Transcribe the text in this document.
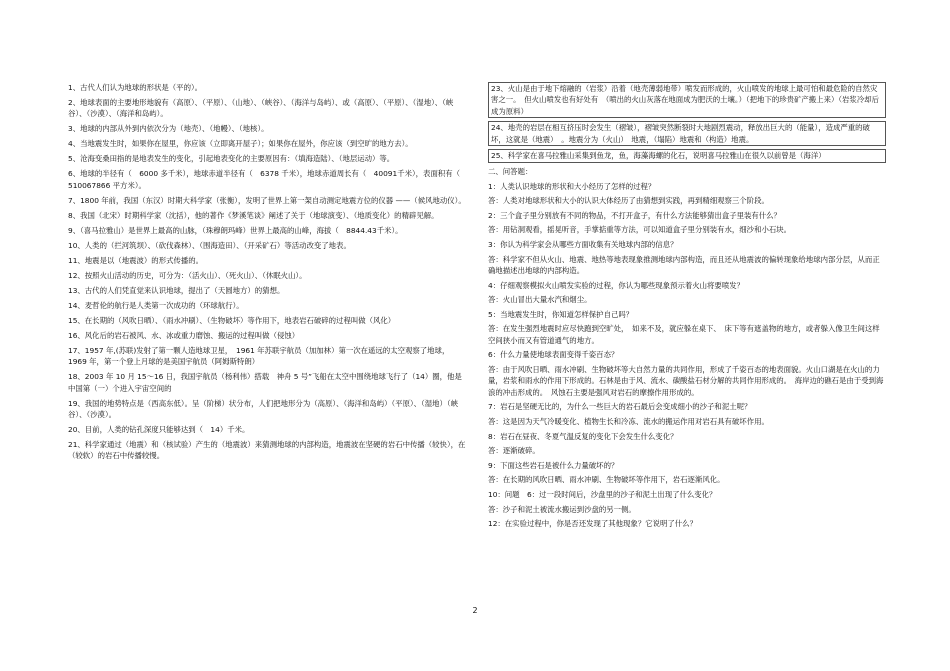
1、古代人们认为地球的形状是（平的）。

2、地球表面的主要地形地貌有（高原）、（平原）、（山地）、（峡谷）、（海洋与岛屿）、或（高原）、（平原）、（湿地）、（峡谷）、（沙漠）、（海洋和岛屿）。

3、地球的内部从外到内依次分为（地壳）、（地幔）、（地核）。

4、当地震发生时，如果你在屋里，你应该（立即离开屋子）；如果你在屋外，你应该（到空旷的地方去）。

5、沧海变桑田指的是地表发生的变化，引起地表变化的主要原因有：（填海造陆）、（地层运动）等。

6、地球的半径有（　6000 多千米），地球赤道半径有（　6378 千米），地球赤道周长有（　40091千米），表面积有（　510067866 平方米）。

7、1800 年前，我国（东汉）时期大科学家（张衡），发明了世界上第一架自动测定地震方位的仪器 ——（候风地动仪）。

8、我国（北宋）时期科学家（沈括），他的著作《梦溪笔谈》阐述了关于（地球演变）、（地质变化）的精辟见解。

9、（喜马拉雅山）是世界上最高的山脉，（珠穆朗玛峰）世界上最高的山峰，海拔（　8844.43千米）。

10、人类的（拦河筑坝）、（砍伐森林）、（围海造田）、（开采矿石）等活动改变了地表。

11、地震是以（地震波）的形式传播的。

12、按照火山活动的历史，可分为：（活火山）、（死火山）、（休眠火山）。

13、古代的人们凭直觉来认识地球，提出了（天圆地方）的猜想。

14、麦哲伦的航行是人类第一次成功的（环球航行）。

15、在长期的（风吹日晒）、（雨水冲刷）、（生物破坏）等作用下，地表岩石破碎的过程叫做（风化）

16、风化后的岩石被风、水、冰或重力磨蚀、搬运的过程叫做（侵蚀）

17、1957 年,(苏联)发射了第一颗人造地球卫星，　1961 年苏联宇航员（加加林）第一次在遥远的太空观察了地球，　1969 年，第一个登上月球的是美国宇航员（阿姆斯特朗）

18、2003 年 10 月 15～16 日，我国宇航员（杨利伟）搭载　神舟 5 号”飞船在太空中围绕地球飞行了（14）圈，他是中国第（一）个进入宇宙空间的

19、我国的地势特点是（西高东低）。呈（阶梯）状分布，人们把地形分为（高原）、（海洋和岛屿）（平原）、（湿地）（峡谷）、（沙漠）。

20、目前，人类的钻孔深度只能够达到（　14）千米。

21、科学家通过（地震）和（核试验）产生的（地震波）来猜测地球的内部构造，地震波在坚硬的岩石中传播（较快），在（较软）的岩石中传播较慢。

23、火山是由于地下熔融的（岩浆）沿着（地壳薄弱地带）喷发而形成的，火山喷发的地球上最可怕和最危险的自然灾害之一。　但火山喷发也有好处有　（喷出的火山灰落在地面成为肥沃的土壤。）（把地下的珍贵矿产搬上来）（岩浆冷却后成为原料）

24、地壳的岩层在相互挤压时会发生（褶皱），褶皱突然断裂时大地剧烈震动，释放出巨大的（能量），造成严重的破坏，这就是（地震）　。地震分为（火山）　地震，（塌陷）地震和（构造）地震。

25、科学家在喜马拉雅山采集到鱼龙，鱼，海藻海螺的化石，说明喜马拉雅山在很久以前曾是（海洋）

二、问答题：

1：人类认识地球的形状和大小经历了怎样的过程？

答：人类对地球形状和大小的认识大体经历了由猜想到实践，再到精细观察三个阶段。

2：三个盒子里分别放有不同的物品，不打开盒子，有什么方法能够猜出盒子里装有什么？

答：用钻洞观看，摇晃听音，手掌掂重等方法，可以知道盒子里分别装有水，细沙和小石块。

3：你认为科学家会从哪些方面收集有关地球内部的信息？

答：科学家不但从火山、地震、地热等地表现象推测地球内部构造，而且还从地震波的偏转现象给地球内部分层，从而正确地描述出地球的内部构造。

4：仔细观察模拟火山喷发实验的过程，你认为哪些现象预示着火山将要喷发？

答：火山冒出大量水汽和烟尘。

5：当地震发生时，你知道怎样保护自己吗？

答：在发生强烈地震时应尽快跑到空旷处，　如来不及，就应躲在桌下、　床下等有遮盖物的地方，或者躲入像卫生间这样空间狭小而又有管道通气的地方。

6：什么力量使地球表面变得千姿百态？

答：由于风吹日晒、雨水冲刷、生物破坏等大自然力量的共同作用，形成了千姿百态的地表面貌。火山口湖是在火山的力量，岩浆和雨水的作用下形成的。石林是由于风、流水、碳酸盐石材分解的共同作用形成的。　海岸边的礁石是由于受到海浪的冲击形成的。　风蚀石主要是强风对岩石的摩擦作用形成的。

7：岩石是坚硬无比的，为什么一些巨大的岩石最后会变成细小的沙子和泥土呢？

答：这是因为天气冷暖变化、植物生长和冷冻、流水的搬运作用对岩石具有破坏作用。

8：岩石在昼夜、冬夏气温反复的变化下会发生什么变化？

答：逐渐破碎。

9：下面这些岩石是被什么力量破坏的？

答：在长期的风吹日晒、雨水冲刷、生物破坏等作用下，岩石逐渐风化。

10：问题　6：过一段时间后，沙盘里的沙子和泥土出现了什么变化？

答：沙子和泥土被流水搬运到沙盘的另一侧。

12：在实验过程中，你是否还发现了其他现象？它说明了什么？

2
